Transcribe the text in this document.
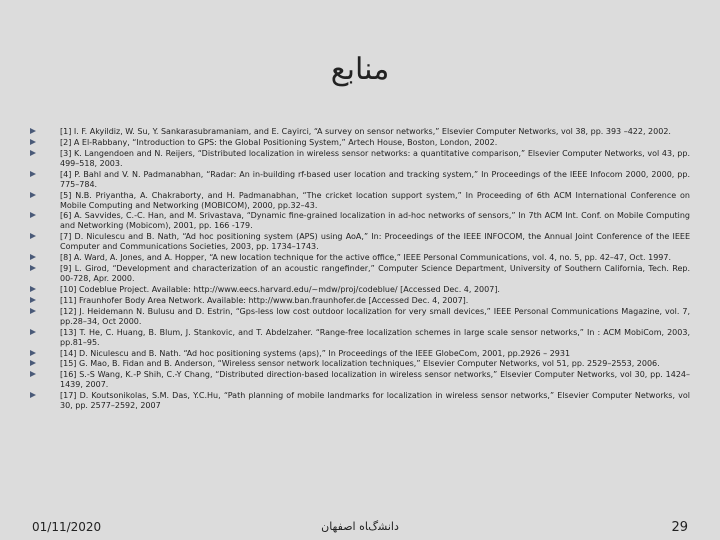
منابع
[1] I. F. Akyildiz, W. Su, Y. Sankarasubramaniam, and E. Cayirci, “A survey on sensor networks,” Elsevier Computer Networks, vol 38, pp. 393 –422, 2002.
[2] A El-Rabbany, “Introduction to GPS: the Global Positioning System,” Artech House, Boston, London, 2002.
[3] K. Langendoen and N. Reijers, “Distributed localization in wireless sensor networks: a quantitative comparison,” Elsevier Computer Networks, vol 43, pp. 499–518, 2003.
[4] P. Bahl and V. N. Padmanabhan, “Radar: An in-building rf-based user location and tracking system,” In Proceedings of the IEEE Infocom 2000, 2000, pp. 775–784.
[5] N.B. Priyantha, A. Chakraborty, and H. Padmanabhan, “The cricket location support system,” In Proceeding of 6th ACM International Conference on Mobile Computing and Networking (MOBICOM), 2000, pp.32–43.
[6] A. Savvides, C.-C. Han, and M. Srivastava, “Dynamic fine-grained localization in ad-hoc networks of sensors,” In 7th ACM Int. Conf. on Mobile Computing and Networking (Mobicom), 2001, pp. 166 -179.
[7] D. Niculescu and B. Nath, “Ad hoc positioning system (APS) using AoA,” In: Proceedings of the IEEE INFOCOM, the Annual Joint Conference of the IEEE Computer and Communications Societies, 2003, pp. 1734–1743.
[8] A. Ward, A. Jones, and A. Hopper, “A new location technique for the active office,” IEEE Personal Communications, vol. 4, no. 5, pp. 42–47, Oct. 1997.
[9] L. Girod, “Development and characterization of an acoustic rangefinder,” Computer Science Department, University of Southern California, Tech. Rep. 00-728, Apr. 2000.
[10] Codeblue Project. Available: http://www.eecs.harvard.edu/~mdw/proj/codeblue/ [Accessed Dec. 4, 2007].
[11] Fraunhofer Body Area Network. Available: http://www.ban.fraunhofer.de [Accessed Dec. 4, 2007].
[12] J. Heidemann N. Bulusu and D. Estrin, “Gps-less low cost outdoor localization for very small devices,” IEEE Personal Communications Magazine, vol. 7, pp.28–34, Oct 2000.
[13] T. He, C. Huang, B. Blum, J. Stankovic, and T. Abdelzaher. “Range-free localization schemes in large scale sensor networks,” In : ACM MobiCom, 2003, pp.81–95.
[14] D. Niculescu and B. Nath. “Ad hoc positioning systems (aps),” In Proceedings of the IEEE GlobeCom, 2001, pp.2926 – 2931
[15] G. Mao, B. Fidan and B. Anderson, “Wireless sensor network localization techniques,” Elsevier Computer Networks, vol 51, pp. 2529–2553, 2006.
[16] S.-S Wang, K.-P Shih, C.-Y Chang, “Distributed direction-based localization in wireless sensor networks,” Elsevier Computer Networks, vol 30, pp. 1424–1439, 2007.
[17] D. Koutsonikolas, S.M. Das, Y.C.Hu, “Path planning of mobile landmarks for localization in wireless sensor networks,” Elsevier Computer Networks, vol 30, pp. 2577–2592, 2007
01/11/2020	ﺩﺍﻧﺸگﺎﻩ ﺍﺻﻔﻬﺎﻥ	29
